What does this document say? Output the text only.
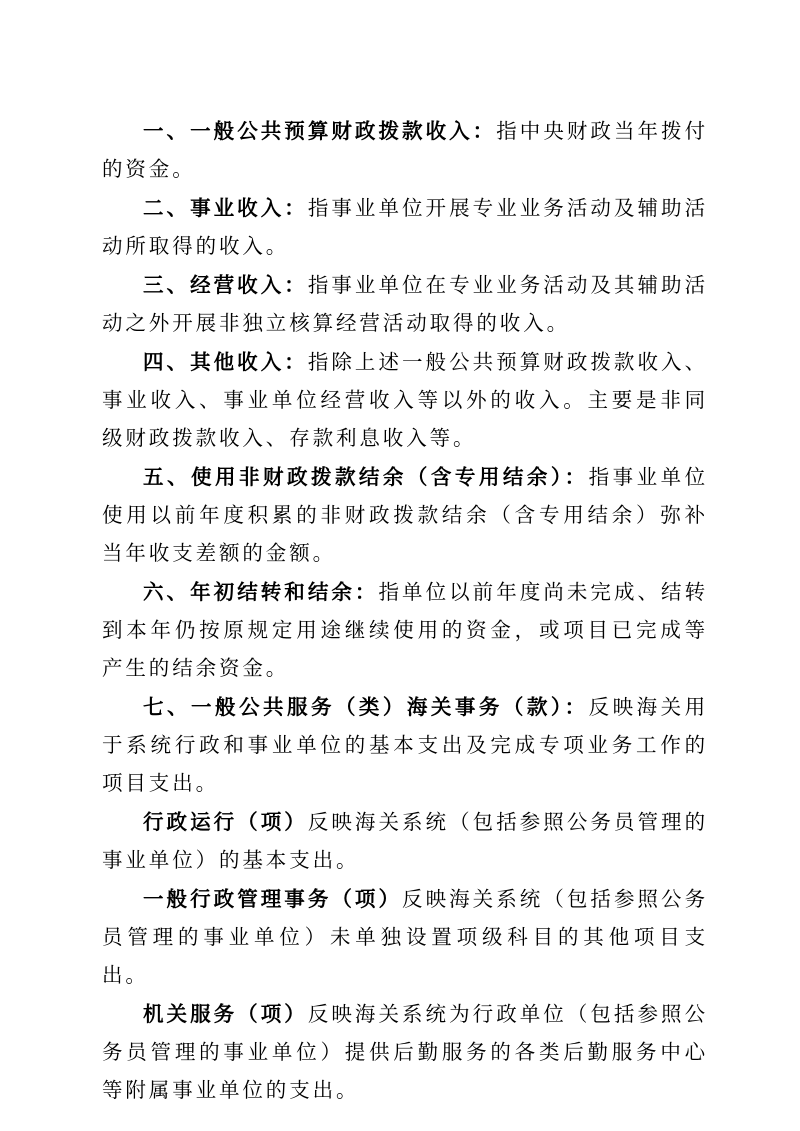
一、一般公共预算财政拨款收入：指中央财政当年拨付的资金。

二、事业收入：指事业单位开展专业业务活动及辅助活动所取得的收入。

三、经营收入：指事业单位在专业业务活动及其辅助活动之外开展非独立核算经营活动取得的收入。

四、其他收入：指除上述一般公共预算财政拨款收入、事业收入、事业单位经营收入等以外的收入。主要是非同级财政拨款收入、存款利息收入等。

五、使用非财政拨款结余（含专用结余）：指事业单位使用以前年度积累的非财政拨款结余（含专用结余）弥补当年收支差额的金额。

六、年初结转和结余：指单位以前年度尚未完成、结转到本年仍按原规定用途继续使用的资金，或项目已完成等产生的结余资金。

七、一般公共服务（类）海关事务（款）：反映海关用于系统行政和事业单位的基本支出及完成专项业务工作的项目支出。

行政运行（项）反映海关系统（包括参照公务员管理的事业单位）的基本支出。

一般行政管理事务（项）反映海关系统（包括参照公务员管理的事业单位）未单独设置项级科目的其他项目支出。

机关服务（项）反映海关系统为行政单位（包括参照公务员管理的事业单位）提供后勤服务的各类后勤服务中心等附属事业单位的支出。
